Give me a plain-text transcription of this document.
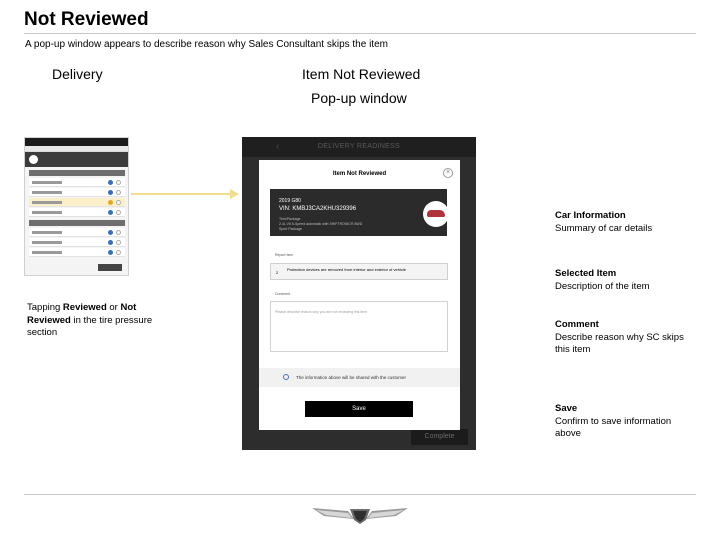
Not Reviewed
A pop-up window appears to describe reason why Sales Consultant skips the item
Delivery	Item Not Reviewed
Pop-up window
Tapping Reviewed or Not Reviewed in the tire pressure section
DELIVERY READINESS
‹
Complete
Item Not Reviewed	×
2019 G80
VIN: KMBJ3CA2KHU329396
Trim/Package
2.4L V6 6-Speed automatic with SHIFTRONIC® AWD
Sport Package
Report Item
2
Protection devices are removed from interior and exterior of vehicle
Comment
Please describe reason why you are not reviewing this item
The information above will be shared with the customer
Save
Car Information
Summary of car details
Selected Item
Description of the item
Comment
Describe reason why SC skips this item
Save
Confirm to save information above
